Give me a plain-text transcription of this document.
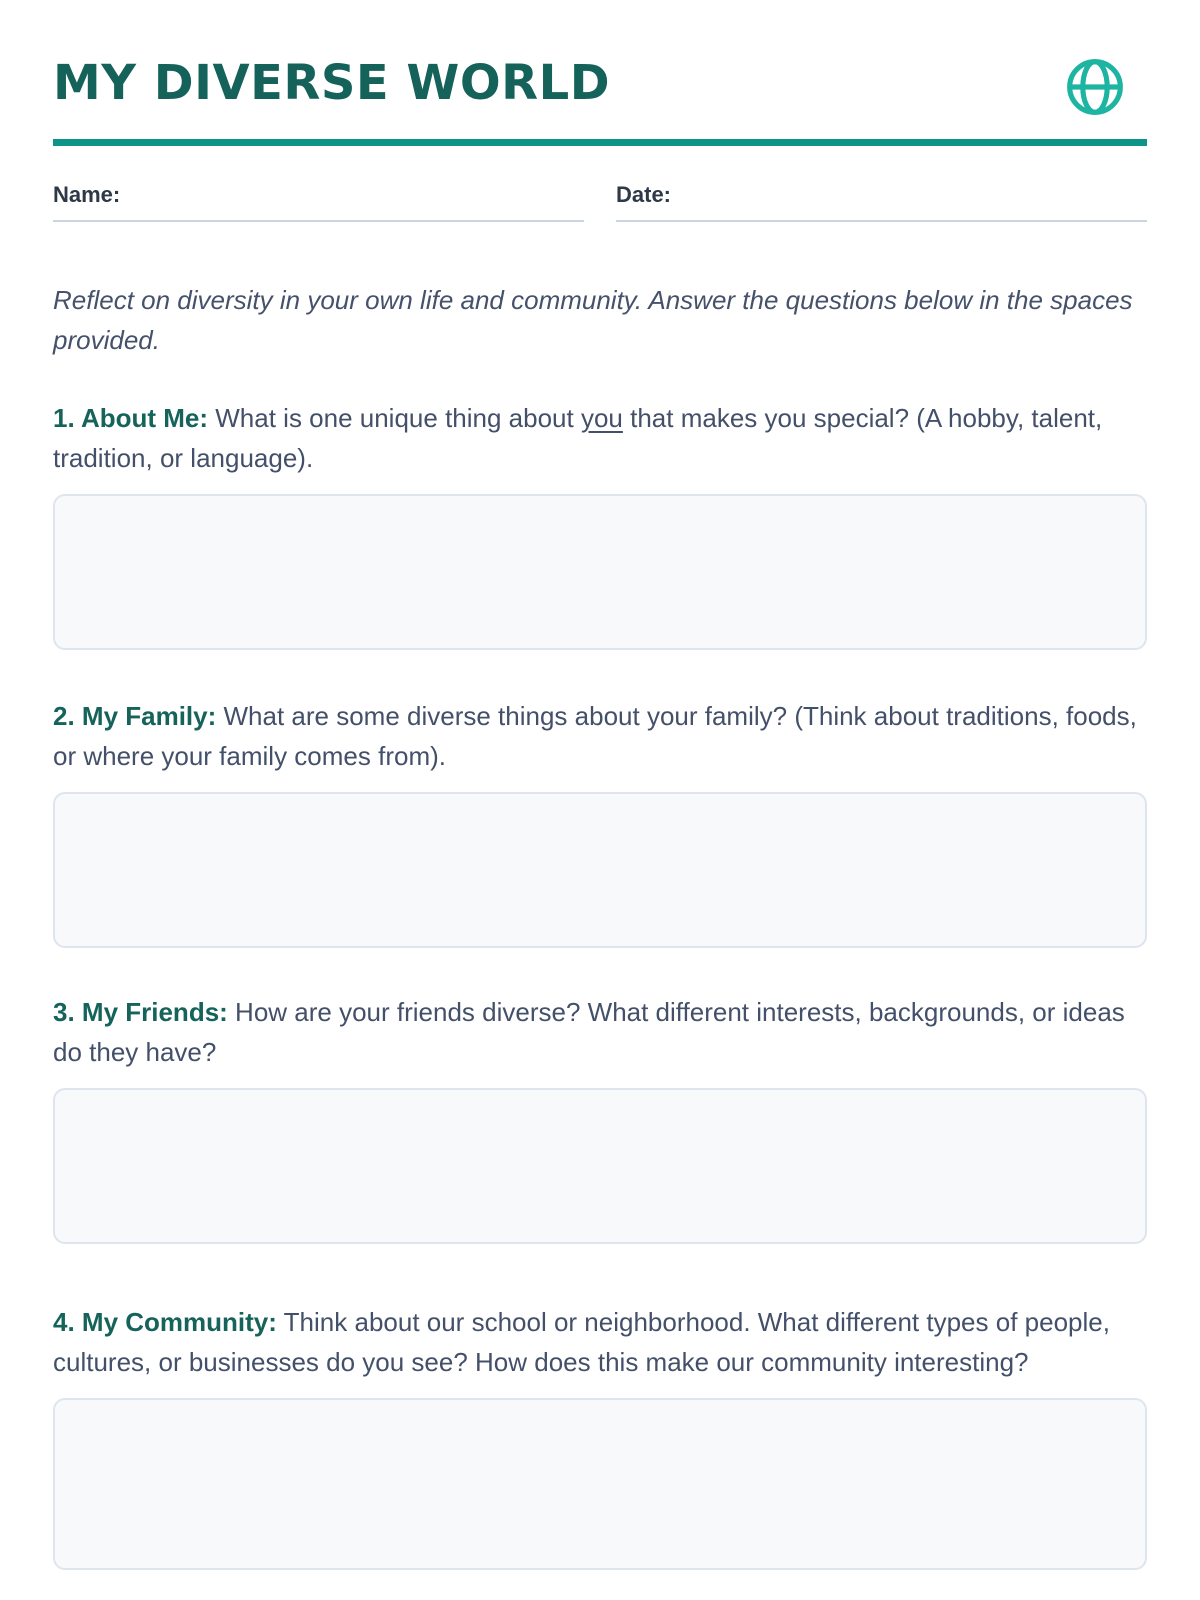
MY DIVERSE WORLD
Name:	Date:

Reflect on diversity in your own life and community. Answer the questions below in the spaces provided.

1. About Me: What is one unique thing about you that makes you special? (A hobby, talent, tradition, or language).

2. My Family: What are some diverse things about your family? (Think about traditions, foods, or where your family comes from).

3. My Friends: How are your friends diverse? What different interests, backgrounds, or ideas do they have?

4. My Community: Think about our school or neighborhood. What different types of people, cultures, or businesses do you see? How does this make our community interesting?
